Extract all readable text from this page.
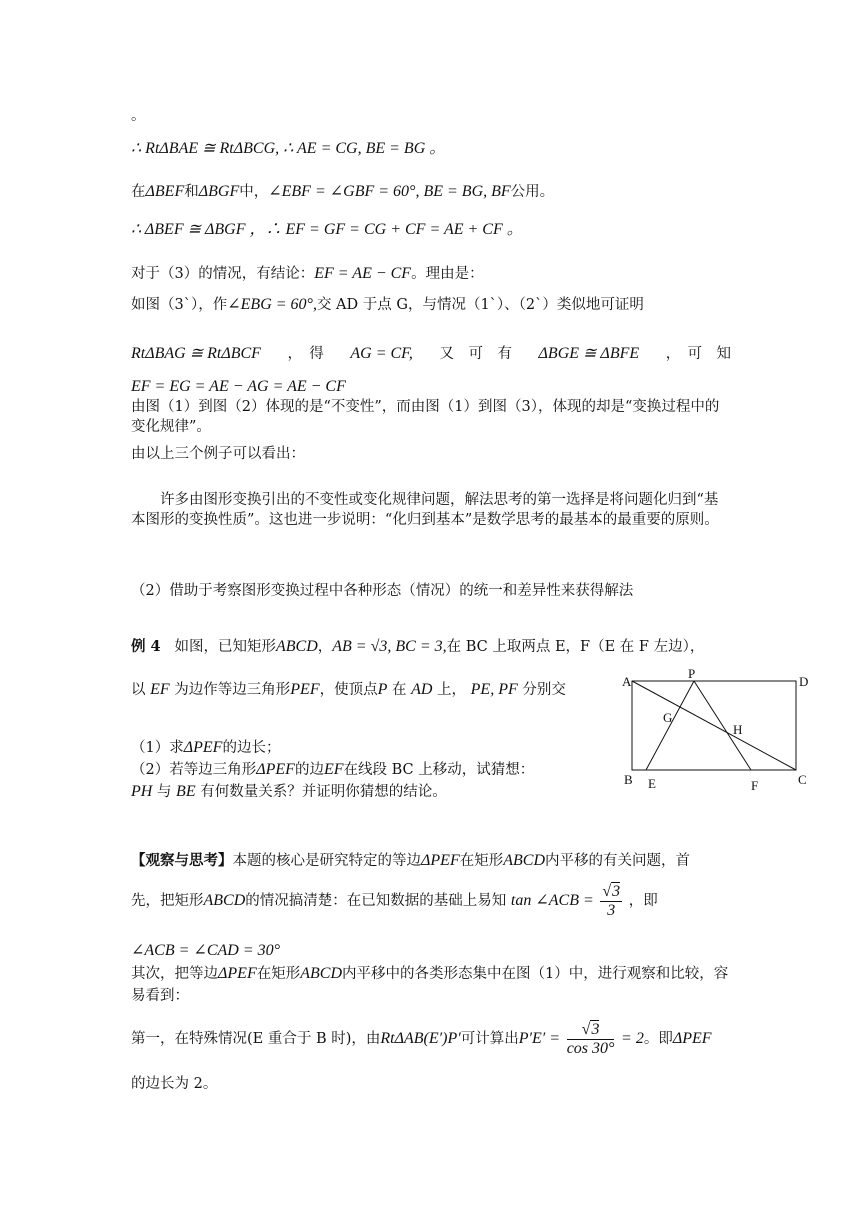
。
∴ RtΔBAE ≅ RtΔBCG, ∴ AE = CG, BE = BG 。
在ΔBEF和ΔBGF中，∠EBF = ∠GBF = 60°, BE = BG, BF公用。
∴ ΔBEF ≅ ΔBGF ，∴ EF = GF = CG + CF = AE + CF 。
对于（3）的情况，有结论：EF = AE − CF。理由是：
如图（3`），作∠EBG = 60°,交 AD 于点 G，与情况（1`）、（2`）类似地可证明
RtΔBAG ≅ RtΔBCF ，　得 AG = CF, 又　可　有 ΔBGE ≅ ΔBFE ，　可　知
EF = EG = AE − AG = AE − CF
由图（1）到图（2）体现的是“不变性”，而由图（1）到图（3），体现的却是“变换过程中的变化规律”。
由以上三个例子可以看出：
许多由图形变换引出的不变性或变化规律问题，解法思考的第一选择是将问题化归到“基本图形的变换性质”。这也进一步说明：“化归到基本”是数学思考的最基本的最重要的原则。
（2）借助于考察图形变换过程中各种形态（情况）的统一和差异性来获得解法
例 4 如图，已知矩形ABCD，AB = √3, BC = 3,在 BC 上取两点 E，F（E 在 F 左边），
以 EF 为边作等边三角形PEF，使顶点P 在 AD 上， PE, PF 分别交
（1）求ΔPEF的边长；
（2）若等边三角形ΔPEF的边EF在线段 BC 上移动，试猜想：
PH 与 BE 有何数量关系？并证明你猜想的结论。
A
P
D
G
H
B E	F	C
【观察与思考】本题的核心是研究特定的等边ΔPEF在矩形ABCD内平移的有关问题，首
先，把矩形ABCD的情况搞清楚：在已知数据的基础上易知 tan ∠ACB = $\frac{√3}{3}$ ，即
∠ACB = ∠CAD = 30°
其次，把等边ΔPEF在矩形ABCD内平移中的各类形态集中在图（1）中，进行观察和比较，容易看到：
第一，在特殊情况(E 重合于 B 时)，由RtΔAB(E′)P′可计算出$P'E' = \frac{√3}{\cos 30^\circ} = 2$。即ΔPEF
的边长为 2。
